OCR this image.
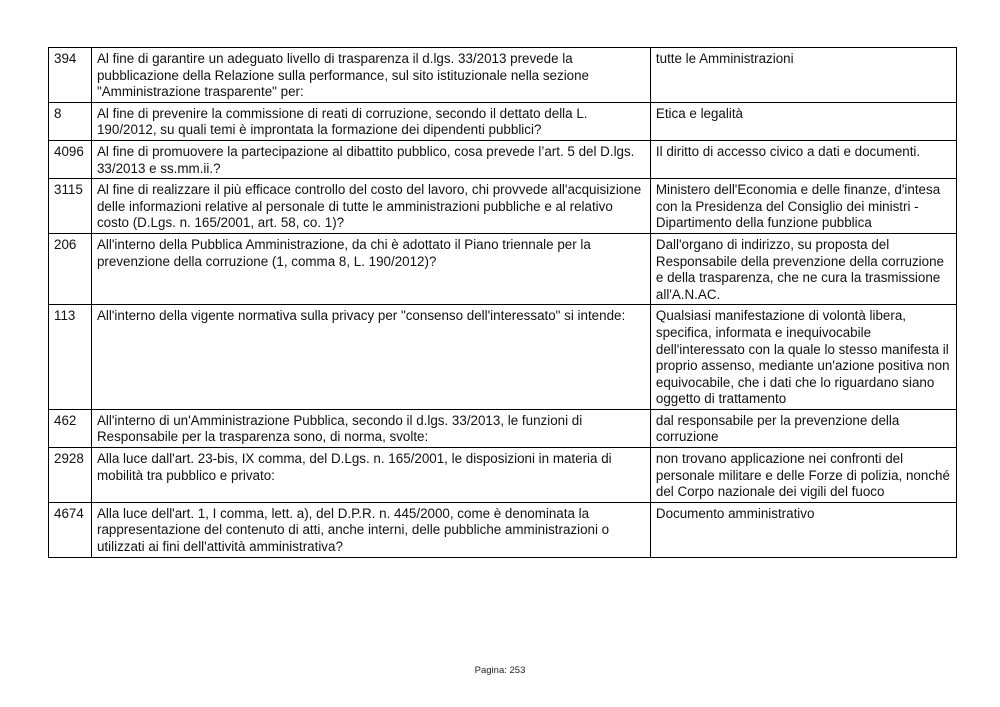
394	Al fine di garantire un adeguato livello di trasparenza il d.lgs. 33/2013 prevede la pubblicazione della Relazione sulla performance, sul sito istituzionale nella sezione "Amministrazione trasparente" per:	tutte le Amministrazioni
8	Al fine di prevenire la commissione di reati di corruzione, secondo il dettato della L. 190/2012, su quali temi è improntata la formazione dei dipendenti pubblici?	Etica e legalità
4096	Al fine di promuovere la partecipazione al dibattito pubblico, cosa prevede l’art. 5 del D.lgs. 33/2013 e ss.mm.ii.?	Il diritto di accesso civico a dati e documenti.
3115	Al fine di realizzare il più efficace controllo del costo del lavoro, chi provvede all'acquisizione delle informazioni relative al personale di tutte le amministrazioni pubbliche e al relativo costo (D.Lgs. n. 165/2001, art. 58, co. 1)?	Ministero dell'Economia e delle finanze, d'intesa con la Presidenza del Consiglio dei ministri - Dipartimento della funzione pubblica
206	All'interno della Pubblica Amministrazione, da chi è adottato il Piano triennale per la prevenzione della corruzione (1, comma 8, L. 190/2012)?	Dall'organo di indirizzo, su proposta del Responsabile della prevenzione della corruzione e della trasparenza, che ne cura la trasmissione all'A.N.AC.
113	All'interno della vigente normativa sulla privacy per "consenso dell'interessato" si intende:	Qualsiasi manifestazione di volontà libera, specifica, informata e inequivocabile dell'interessato con la quale lo stesso manifesta il proprio assenso, mediante un'azione positiva non equivocabile, che i dati che lo riguardano siano oggetto di trattamento
462	All'interno di un'Amministrazione Pubblica, secondo il d.lgs. 33/2013, le funzioni di Responsabile per la trasparenza sono, di norma, svolte:	dal responsabile per la prevenzione della corruzione
2928	Alla luce dall'art. 23-bis, IX comma, del D.Lgs. n. 165/2001, le disposizioni in materia di mobilità tra pubblico e privato:	non trovano applicazione nei confronti del personale militare e delle Forze di polizia, nonché del Corpo nazionale dei vigili del fuoco
4674	Alla luce dell'art. 1, I comma, lett. a), del D.P.R. n. 445/2000, come è denominata la rappresentazione del contenuto di atti, anche interni, delle pubbliche amministrazioni o utilizzati ai fini dell'attività amministrativa?	Documento amministrativo
Pagina: 253
